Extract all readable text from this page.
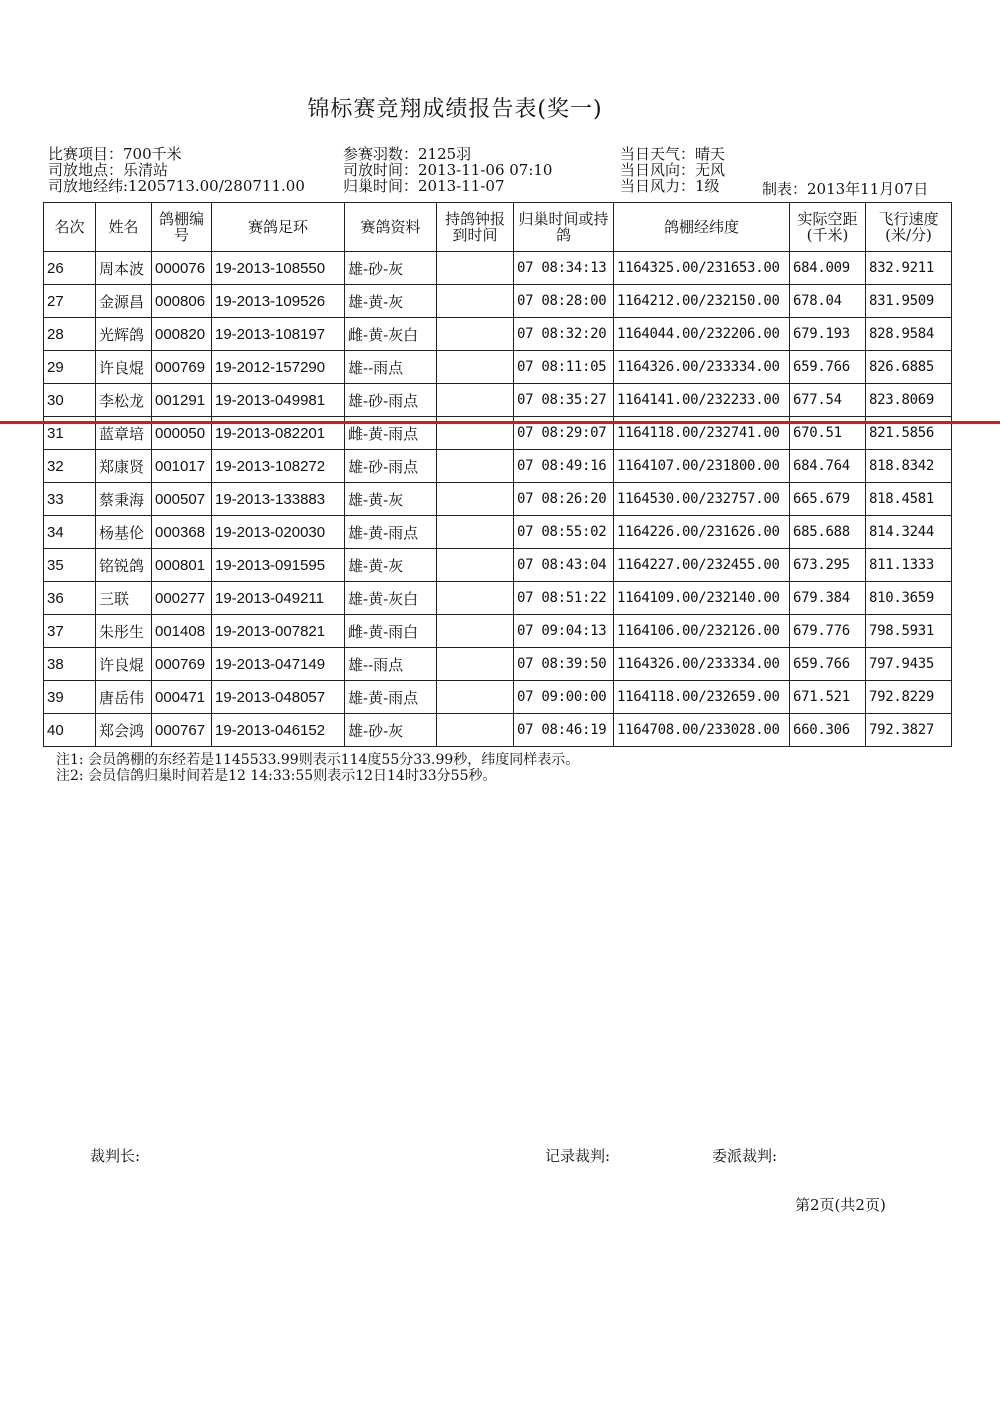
锦标赛竞翔成绩报告表(奖一)
比赛项目：700千米
司放地点：乐清站
司放地经纬:1205713.00/280711.00
参赛羽数：2125羽
司放时间：2013-11-06 07:10
归巢时间：2013-11-07
当日天气：晴天
当日风向：无风
当日风力：1级	制表：2013年11月07日
名次	姓名	鸽棚编号	赛鸽足环	赛鸽资料	持鸽钟报到时间	归巢时间或持鸽	鸽棚经纬度	实际空距(千米)	飞行速度(米/分)
26	周本波	000076	19-2013-108550	雄-砂-灰		07 08:34:13	1164325.00/231653.00	684.009	832.9211
27	金源昌	000806	19-2013-109526	雄-黄-灰		07 08:28:00	1164212.00/232150.00	678.04	831.9509
28	光辉鸽	000820	19-2013-108197	雌-黄-灰白		07 08:32:20	1164044.00/232206.00	679.193	828.9584
29	许良焜	000769	19-2012-157290	雄--雨点		07 08:11:05	1164326.00/233334.00	659.766	826.6885
30	李松龙	001291	19-2013-049981	雄-砂-雨点		07 08:35:27	1164141.00/232233.00	677.54	823.8069
31	蓝章培	000050	19-2013-082201	雌-黄-雨点		07 08:29:07	1164118.00/232741.00	670.51	821.5856
32	郑康贤	001017	19-2013-108272	雄-砂-雨点		07 08:49:16	1164107.00/231800.00	684.764	818.8342
33	蔡秉海	000507	19-2013-133883	雄-黄-灰		07 08:26:20	1164530.00/232757.00	665.679	818.4581
34	杨基伦	000368	19-2013-020030	雄-黄-雨点		07 08:55:02	1164226.00/231626.00	685.688	814.3244
35	铭锐鸽	000801	19-2013-091595	雄-黄-灰		07 08:43:04	1164227.00/232455.00	673.295	811.1333
36	三联	000277	19-2013-049211	雄-黄-灰白		07 08:51:22	1164109.00/232140.00	679.384	810.3659
37	朱彤生	001408	19-2013-007821	雌-黄-雨白		07 09:04:13	1164106.00/232126.00	679.776	798.5931
38	许良焜	000769	19-2013-047149	雄--雨点		07 08:39:50	1164326.00/233334.00	659.766	797.9435
39	唐岳伟	000471	19-2013-048057	雄-黄-雨点		07 09:00:00	1164118.00/232659.00	671.521	792.8229
40	郑会鸿	000767	19-2013-046152	雄-砂-灰		07 08:46:19	1164708.00/233028.00	660.306	792.3827
注1: 会员鸽棚的东经若是1145533.99则表示114度55分33.99秒，纬度同样表示。
注2: 会员信鸽归巢时间若是12 14:33:55则表示12日14时33分55秒。
裁判长:	记录裁判:	委派裁判:
第2页(共2页)
